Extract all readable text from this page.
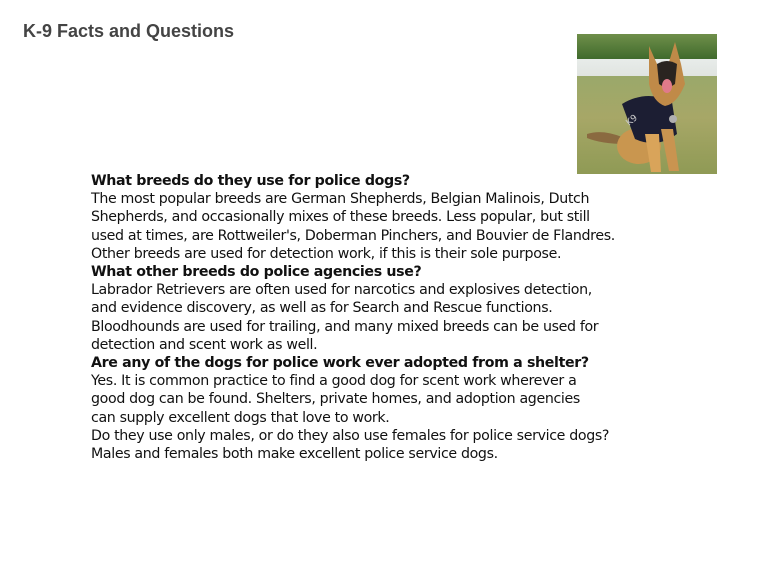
K-9 Facts and Questions
K9
What breeds do they use for police dogs?
The most popular breeds are German Shepherds, Belgian Malinois, Dutch
Shepherds, and occasionally mixes of these breeds. Less popular, but still
used at times, are Rottweiler's, Doberman Pinchers, and Bouvier de Flandres.
Other breeds are used for detection work, if this is their sole purpose.
What other breeds do police agencies use?
Labrador Retrievers are often used for narcotics and explosives detection,
and evidence discovery, as well as for Search and Rescue functions.
Bloodhounds are used for trailing, and many mixed breeds can be used for
detection and scent work as well.
Are any of the dogs for police work ever adopted from a shelter?
Yes. It is common practice to find a good dog for scent work wherever a
good dog can be found. Shelters, private homes, and adoption agencies
can supply excellent dogs that love to work.
Do they use only males, or do they also use females for police service dogs?
Males and females both make excellent police service dogs.
